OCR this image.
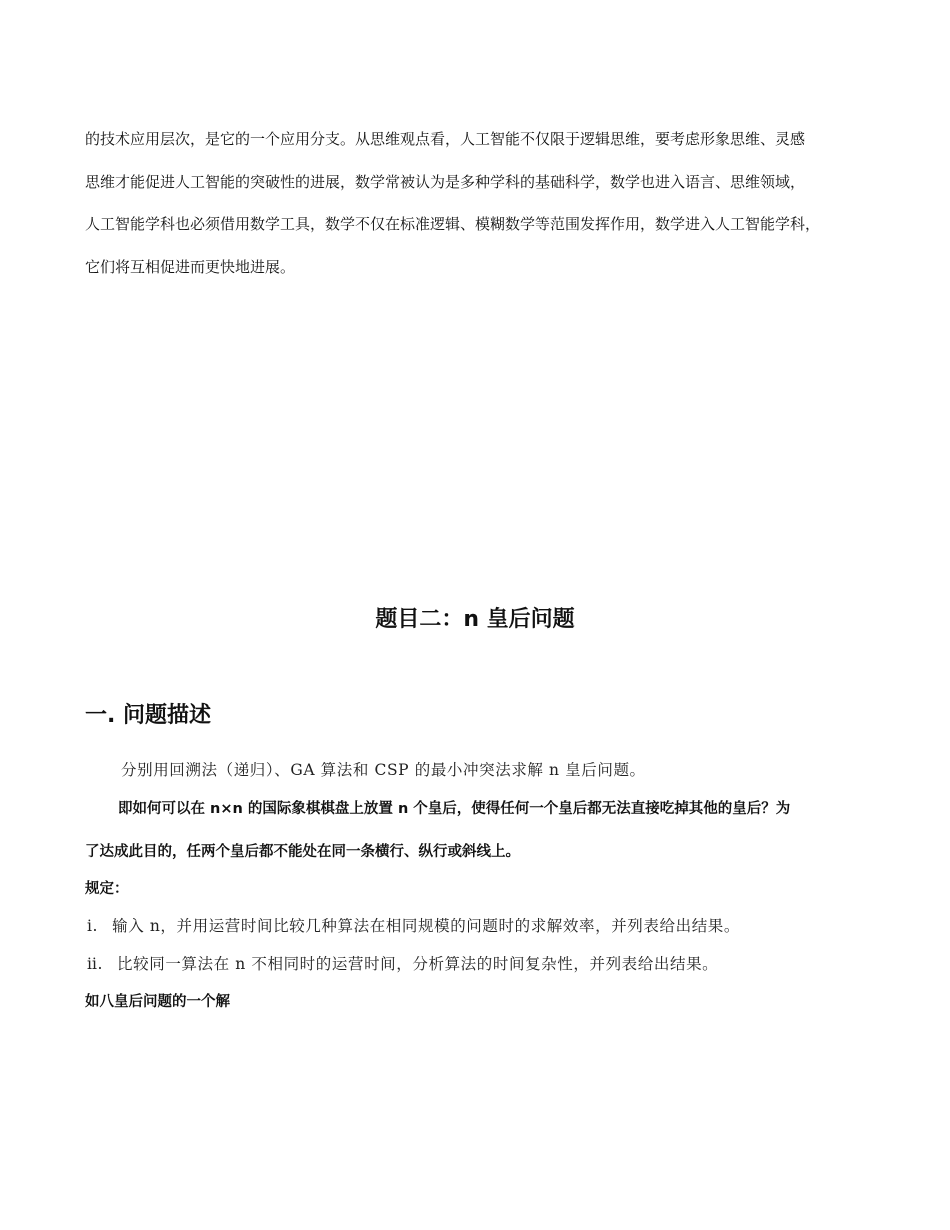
的技术应用层次，是它的一个应用分支。从思维观点看，人工智能不仅限于逻辑思维，要考虑形象思维、灵感
思维才能促进人工智能的突破性的进展，数学常被认为是多种学科的基础科学，数学也进入语言、思维领域，
人工智能学科也必须借用数学工具，数学不仅在标准逻辑、模糊数学等范围发挥作用，数学进入人工智能学科，
它们将互相促进而更快地进展。

题目二：n 皇后问题
一. 问题描述

分别用回溯法（递归）、GA 算法和 CSP 的最小冲突法求解 n 皇后问题。

即如何可以在 n×n 的国际象棋棋盘上放置 n 个皇后，使得任何一个皇后都无法直接吃掉其他的皇后？为

了达成此目的，任两个皇后都不能处在同一条横行、纵行或斜线上。

规定：

ⅰ. 输入 n，并用运营时间比较几种算法在相同规模的问题时的求解效率，并列表给出结果。

ⅱ. 比较同一算法在 n 不相同时的运营时间，分析算法的时间复杂性，并列表给出结果。

如八皇后问题的一个解
